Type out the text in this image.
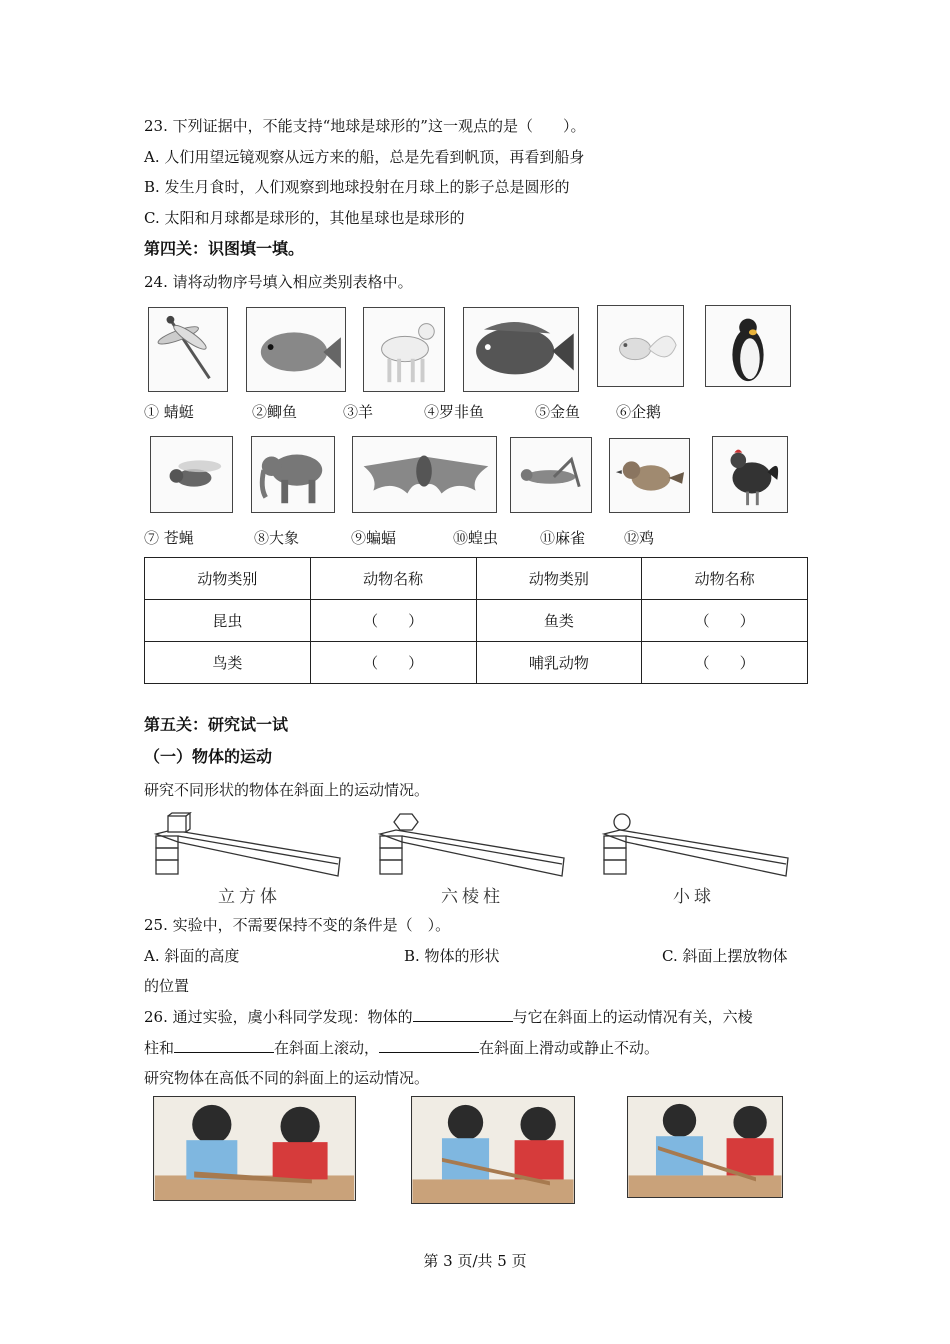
23. 下列证据中，不能支持“地球是球形的”这一观点的是（　　）。
A. 人们用望远镜观察从远方来的船，总是先看到帆顶，再看到船身
B. 发生月食时，人们观察到地球投射在月球上的影子总是圆形的
C. 太阳和月球都是球形的，其他星球也是球形的
第四关：识图填一填。
24. 请将动物序号填入相应类别表格中。
① 蜻蜓	②鲫鱼	③羊	④罗非鱼	⑤金鱼 ⑥企鹅
⑦ 苍蝇	⑧大象	⑨蝙蝠	⑩蝗虫	⑪麻雀	⑫鸡
动物类别	动物名称	动物类别	动物名称
昆虫	（　　）	鱼类	（　　）
鸟类	（　　）	哺乳动物	（　　）
第五关：研究试一试
（一）物体的运动
研究不同形状的物体在斜面上的运动情况。
立方体	六棱柱	小球
25. 实验中，不需要保持不变的条件是（　）。
A. 斜面的高度	B. 物体的形状	C. 斜面上摆放物体
的位置
26. 通过实验，虞小科同学发现：物体的	与它在斜面上的运动情况有关，六棱
柱和	在斜面上滚动，	在斜面上滑动或静止不动。
研究物体在高低不同的斜面上的运动情况。
第 3 页/共 5 页
